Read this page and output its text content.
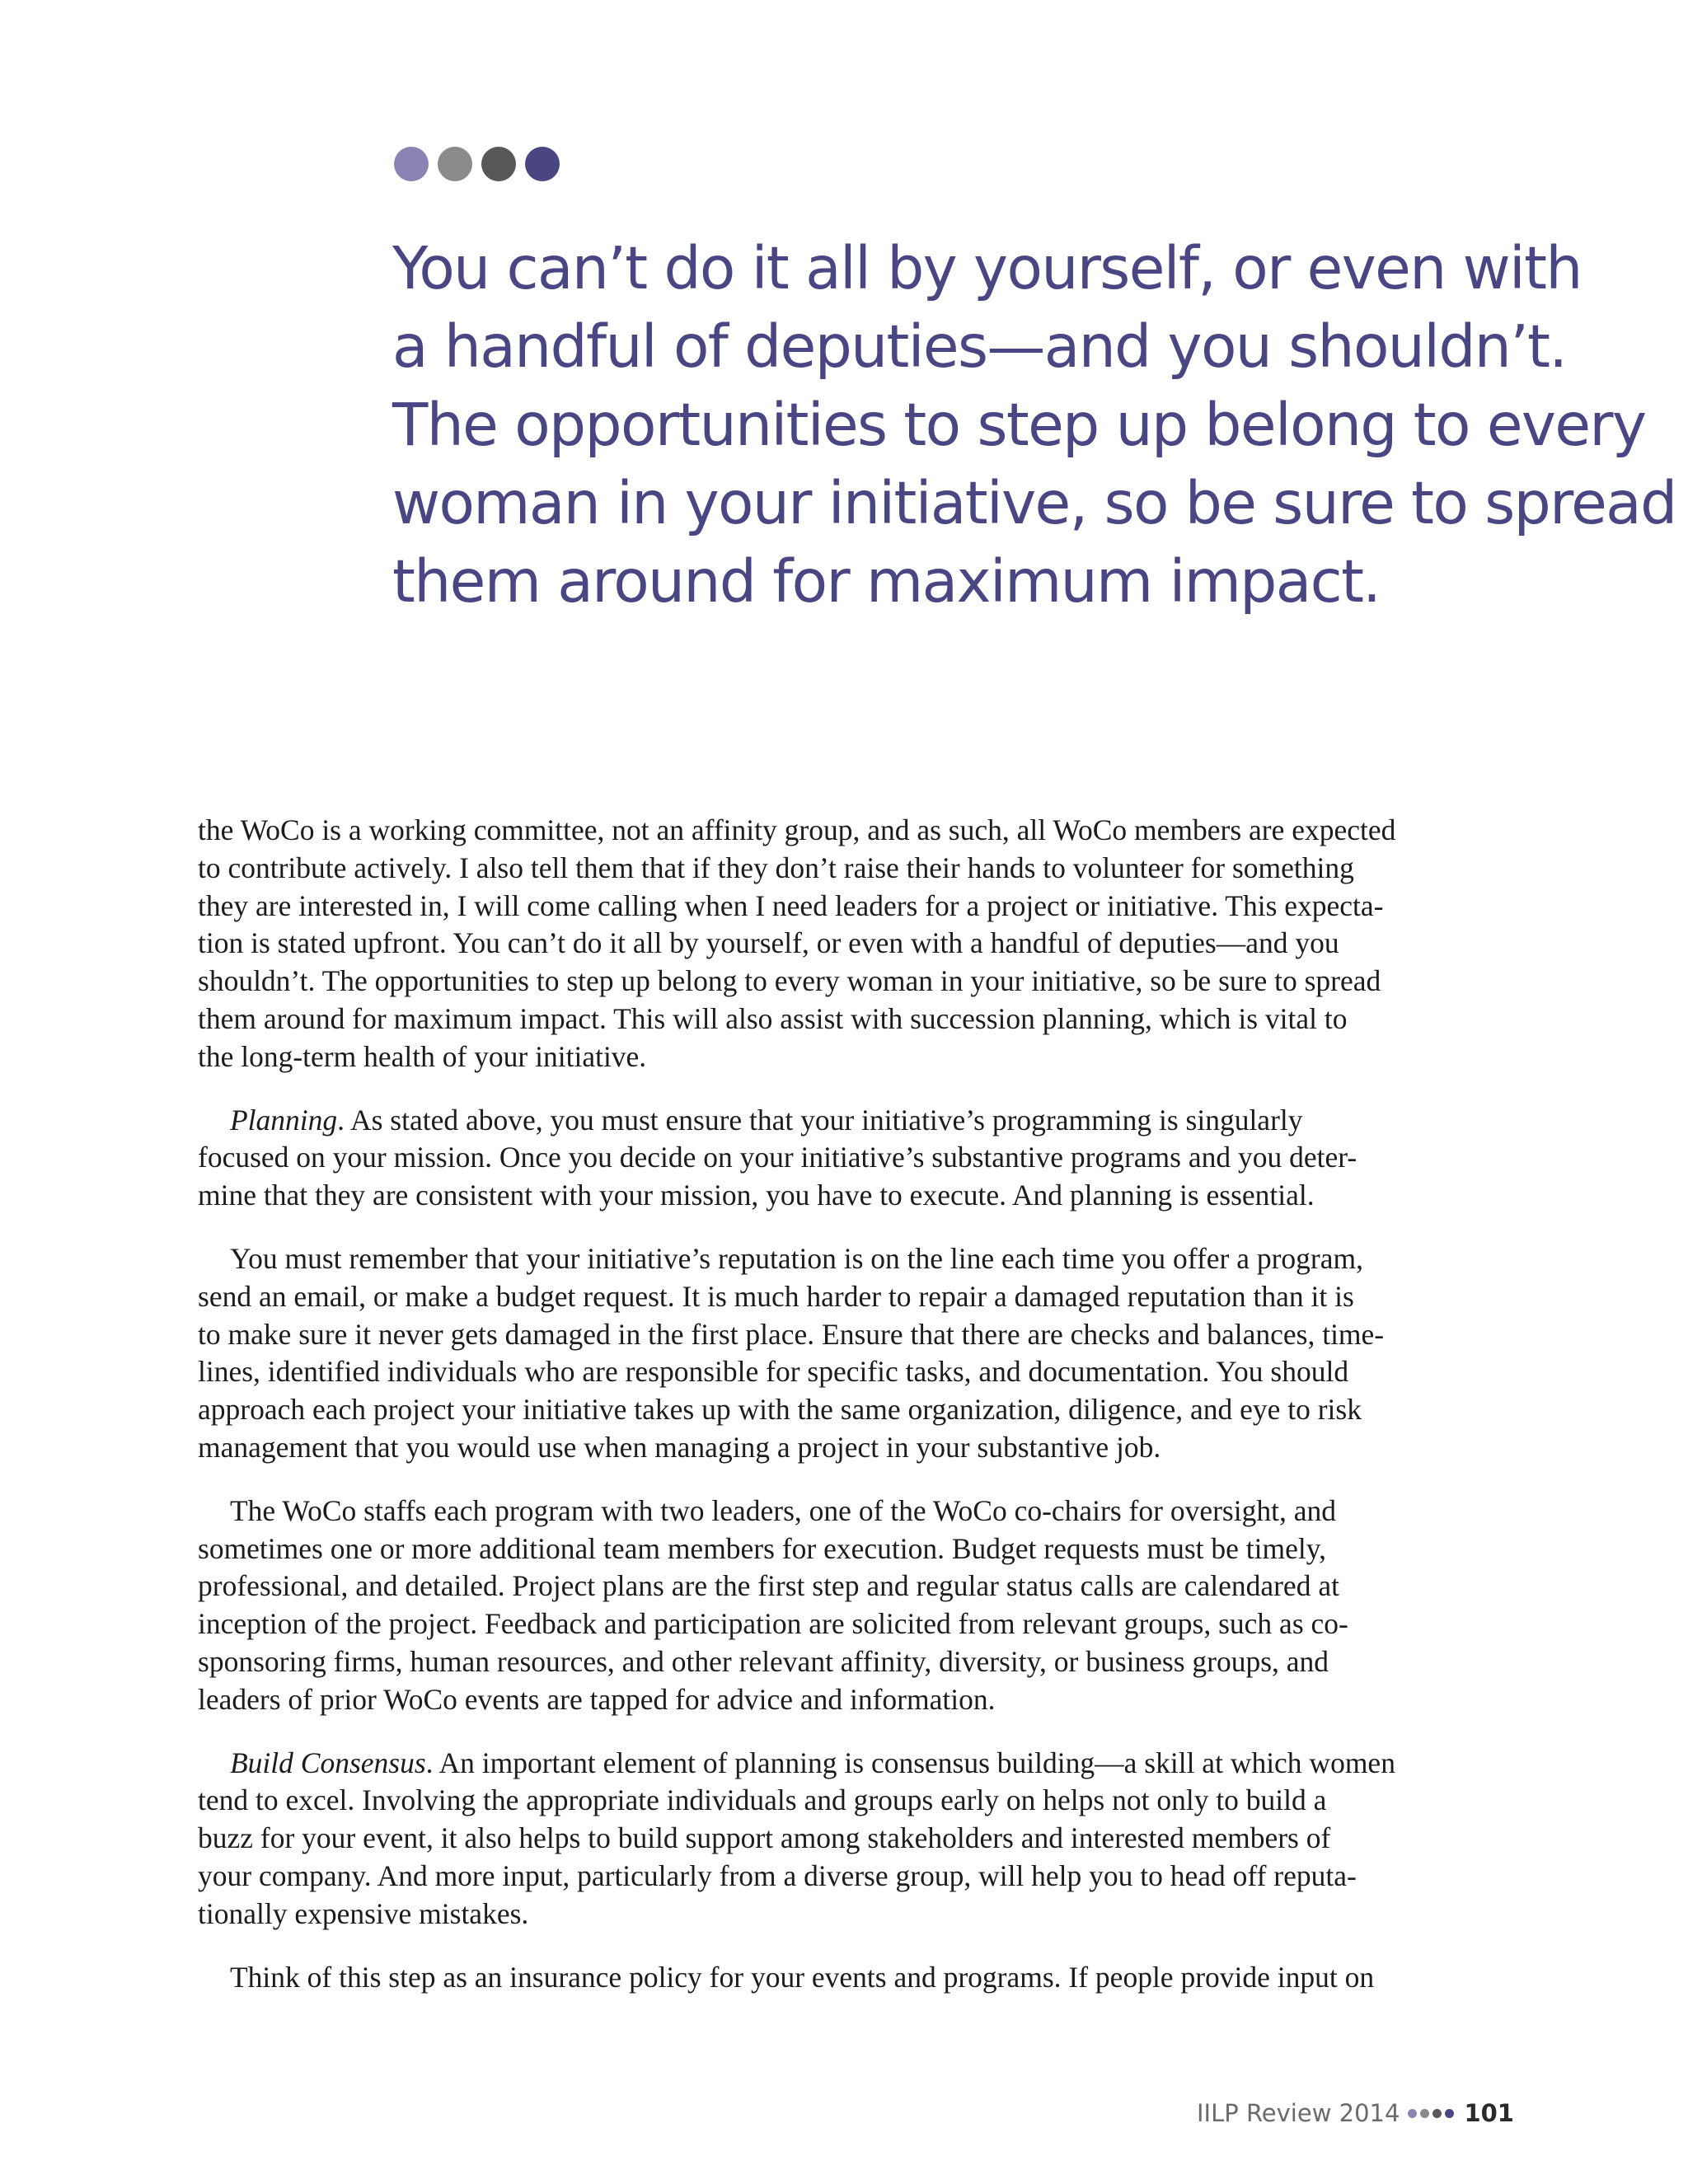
You can’t do it all by yourself, or even with
a handful of deputies—and you shouldn’t.
The opportunities to step up belong to every
woman in your initiative, so be sure to spread
them around for maximum impact.

the WoCo is a working committee, not an affinity group, and as such, all WoCo members are expected
to contribute actively. I also tell them that if they don’t raise their hands to volunteer for something
they are interested in, I will come calling when I need leaders for a project or initiative. This expecta-
tion is stated upfront. You can’t do it all by yourself, or even with a handful of deputies—and you
shouldn’t. The opportunities to step up belong to every woman in your initiative, so be sure to spread
them around for maximum impact. This will also assist with succession planning, which is vital to
the long-term health of your initiative.

Planning. As stated above, you must ensure that your initiative’s programming is singularly
focused on your mission. Once you decide on your initiative’s substantive programs and you deter-
mine that they are consistent with your mission, you have to execute. And planning is essential.

You must remember that your initiative’s reputation is on the line each time you offer a program,
send an email, or make a budget request. It is much harder to repair a damaged reputation than it is
to make sure it never gets damaged in the first place. Ensure that there are checks and balances, time-
lines, identified individuals who are responsible for specific tasks, and documentation. You should
approach each project your initiative takes up with the same organization, diligence, and eye to risk
management that you would use when managing a project in your substantive job.

The WoCo staffs each program with two leaders, one of the WoCo co-chairs for oversight, and
sometimes one or more additional team members for execution. Budget requests must be timely,
professional, and detailed. Project plans are the first step and regular status calls are calendared at
inception of the project. Feedback and participation are solicited from relevant groups, such as co-
sponsoring firms, human resources, and other relevant affinity, diversity, or business groups, and
leaders of prior WoCo events are tapped for advice and information.

Build Consensus. An important element of planning is consensus building—a skill at which women
tend to excel. Involving the appropriate individuals and groups early on helps not only to build a
buzz for your event, it also helps to build support among stakeholders and interested members of
your company. And more input, particularly from a diverse group, will help you to head off reputa-
tionally expensive mistakes.

Think of this step as an insurance policy for your events and programs. If people provide input on

IILP Review 2014	101
